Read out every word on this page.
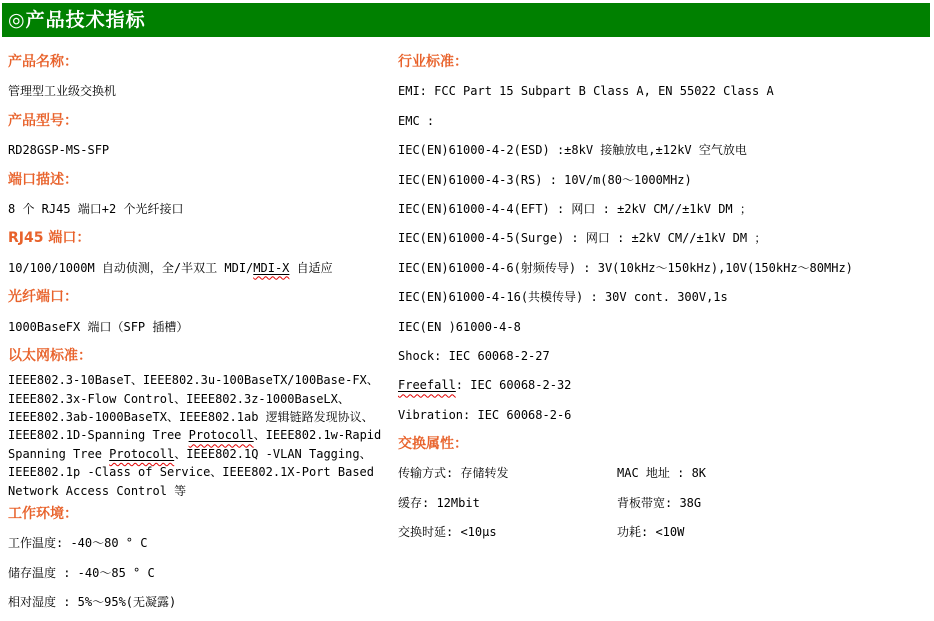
◎产品技术指标

产品名称：

管理型工业级交换机

产品型号：

RD28GSP-MS-SFP

端口描述：

8 个 RJ45 端口+2 个光纤接口

RJ45 端口：

10/100/1000M 自动侦测，全/半双工 MDI/MDI-X 自适应

光纤端口：

1000BaseFX 端口（SFP 插槽）

以太网标准：

IEEE802.3-10BaseT、IEEE802.3u-100BaseTX/100Base-FX、

IEEE802.3x-Flow Control、IEEE802.3z-1000BaseLX、

IEEE802.3ab-1000BaseTX、IEEE802.1ab 逻辑链路发现协议、

IEEE802.1D-Spanning Tree Protocoll、IEEE802.1w-Rapid

Spanning Tree Protocoll、IEEE802.1Q -VLAN Tagging、

IEEE802.1p -Class of Service、IEEE802.1X-Port Based

Network Access Control 等

工作环境：

工作温度: -40～80 ° C

储存温度 : -40～85 ° C

相对湿度 : 5%～95%(无凝露)

行业标准：

EMI: FCC Part 15 Subpart B Class A, EN 55022 Class A

EMC :

IEC(EN)61000-4-2(ESD) :±8kV 接触放电,±12kV 空气放电

IEC(EN)61000-4-3(RS) : 10V/m(80～1000MHz)

IEC(EN)61000-4-4(EFT) : 网口 : ±2kV CM//±1kV DM ；

IEC(EN)61000-4-5(Surge) : 网口 : ±2kV CM//±1kV DM ；

IEC(EN)61000-4-6(射频传导) : 3V(10kHz～150kHz),10V(150kHz～80MHz)

IEC(EN)61000-4-16(共模传导) : 30V cont. 300V,1s

IEC(EN )61000-4-8

Shock: IEC 60068-2-27

Freefall: IEC 60068-2-32

Vibration: IEC 60068-2-6

交换属性：

传输方式: 存储转发	MAC 地址 : 8K

缓存: 12Mbit	背板带宽: 38G

交换时延: <10μs	功耗: <10W
